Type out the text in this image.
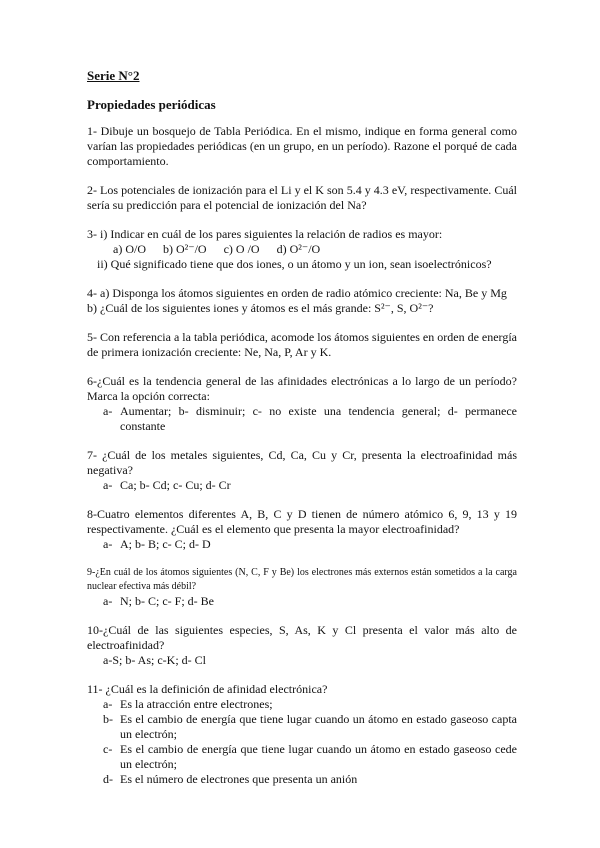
Serie N°2
Propiedades periódicas

1- Dibuje un bosquejo de Tabla Periódica. En el mismo, indique en forma general como varían las propiedades periódicas (en un grupo, en un período). Razone el porqué de cada comportamiento.

2- Los potenciales de ionización para el Li y el K son 5.4 y 4.3 eV, respectivamente. Cuál sería su predicción para el potencial de ionización del Na?

3- i) Indicar en cuál de los pares siguientes la relación de radios es mayor:

a) O/O b) O²⁻/O c) O /O d) O²⁻/O

ii) Qué significado tiene que dos iones, o un átomo y un ion, sean isoelectrónicos?

4- a) Disponga los átomos siguientes en orden de radio atómico creciente: Na, Be y Mg

b) ¿Cuál de los siguientes iones y átomos es el más grande: S²⁻, S, O²⁻?

5- Con referencia a la tabla periódica, acomode los átomos siguientes en orden de energía de primera ionización creciente: Ne, Na, P, Ar y K.

6-¿Cuál es la tendencia general de las afinidades electrónicas a lo largo de un período? Marca la opción correcta:

a- Aumentar; b- disminuir; c- no existe una tendencia general; d- permanece constante

7- ¿Cuál de los metales siguientes, Cd, Ca, Cu y Cr, presenta la electroafinidad más negativa?

a- Ca; b- Cd; c- Cu; d- Cr

8-Cuatro elementos diferentes A, B, C y D tienen de número atómico 6, 9, 13 y 19 respectivamente. ¿Cuál es el elemento que presenta la mayor electroafinidad?

a- A; b- B; c- C; d- D

9-¿En cuál de los átomos siguientes (N, C, F y Be) los electrones más externos están sometidos a la carga nuclear efectiva más débil?

a- N; b- C; c- F; d- Be

10-¿Cuál de las siguientes especies, S, As, K y Cl presenta el valor más alto de electroafinidad?

a-S; b- As; c-K; d- Cl

11- ¿Cuál es la definición de afinidad electrónica?

a- Es la atracción entre electrones;
b- Es el cambio de energía que tiene lugar cuando un átomo en estado gaseoso capta un electrón;
c- Es el cambio de energía que tiene lugar cuando un átomo en estado gaseoso cede un electrón;
d- Es el número de electrones que presenta un anión
